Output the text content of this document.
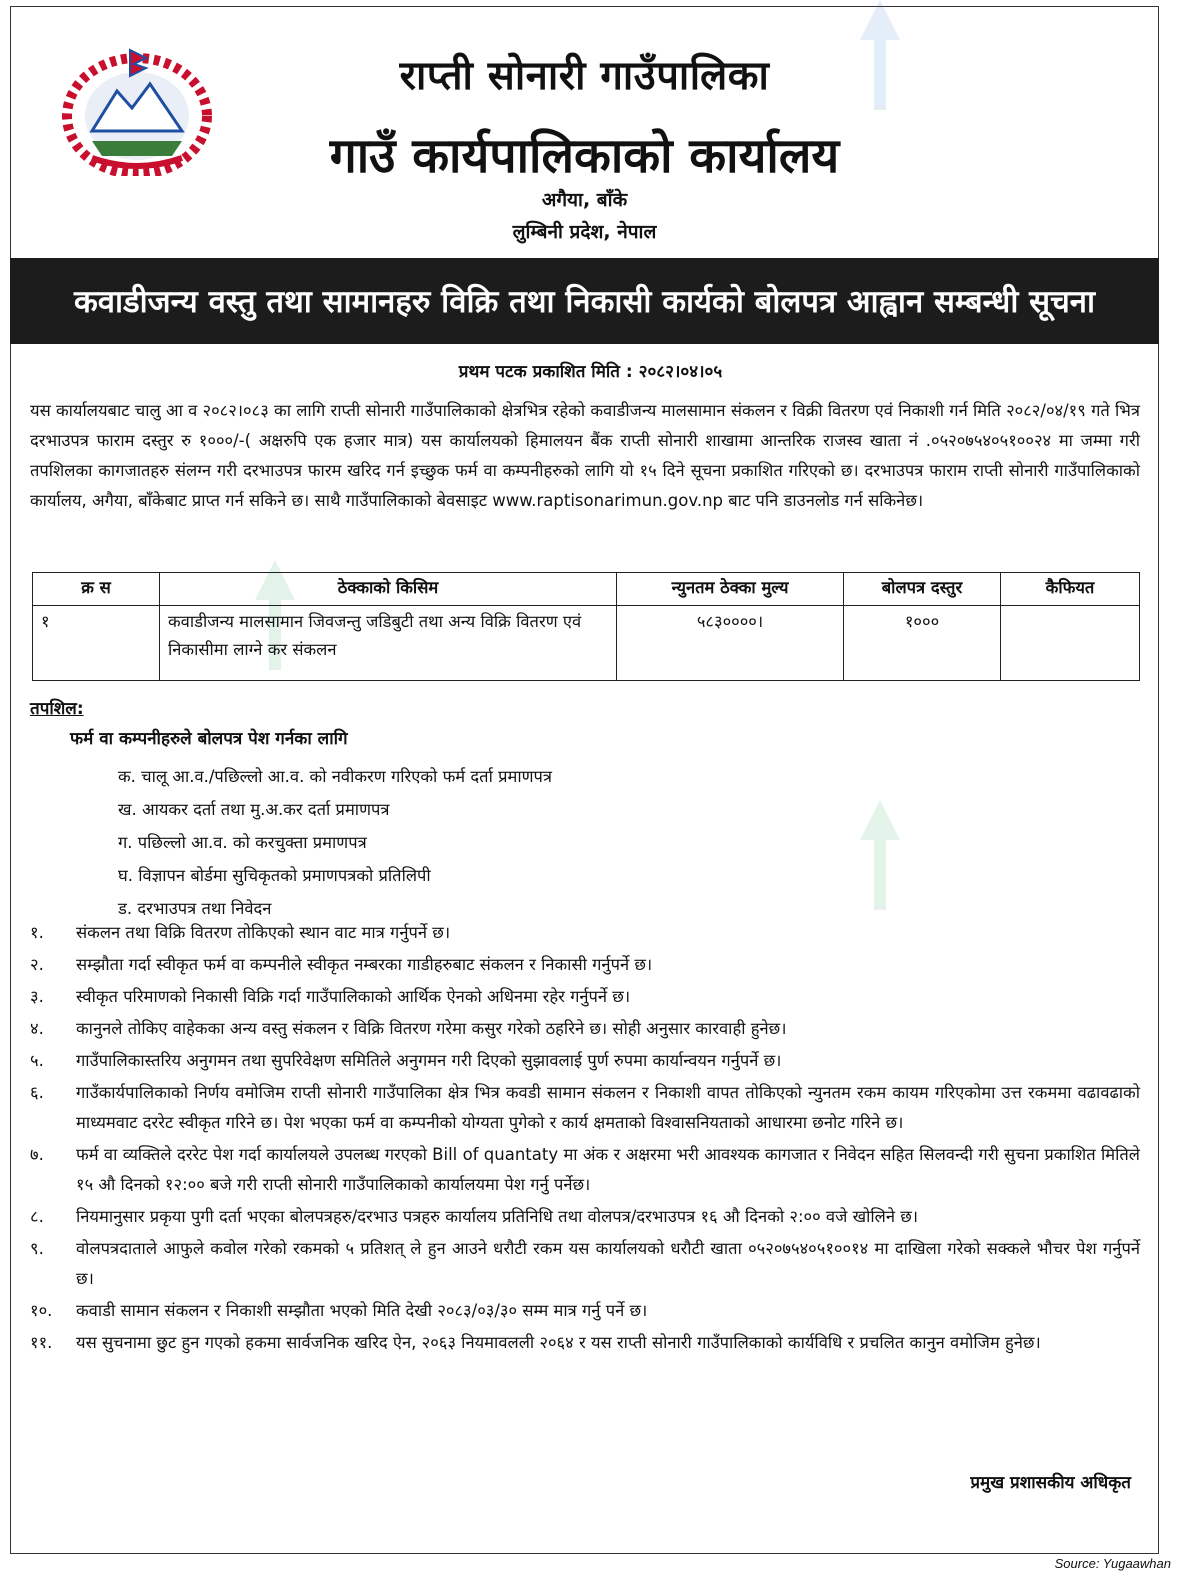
राप्ती सोनारी गाउँपालिका
गाउँ कार्यपालिकाको कार्यालय
अगैया, बाँके
लुम्बिनी प्रदेश, नेपाल
कवाडीजन्य वस्तु तथा सामानहरु विक्रि तथा निकासी कार्यको बोलपत्र आह्वान सम्बन्धी सूचना
प्रथम पटक प्रकाशित मिति : २०८२।०४।०५
यस कार्यालयबाट चालु आ व २०८२।०८३ का लागि राप्ती सोनारी गाउँपालिकाको क्षेत्रभित्र रहेको कवाडीजन्य मालसामान संकलन र विक्री वितरण एवं निकाशी गर्न मिति २०८२/०४/१९ गते भित्र दरभाउपत्र फाराम दस्तुर रु १०००/-( अक्षरुपि एक हजार मात्र) यस कार्यालयको हिमालयन बैंक राप्ती सोनारी शाखामा आन्तरिक राजस्व खाता नं .०५२०७५४०५१००२४ मा जम्मा गरी तपशिलका कागजातहरु संलग्न गरी दरभाउपत्र फारम खरिद गर्न इच्छुक फर्म वा कम्पनीहरुको लागि यो १५ दिने सूचना प्रकाशित गरिएको छ। दरभाउपत्र फाराम राप्ती सोनारी गाउँपालिकाको कार्यालय, अगैया, बाँकेबाट प्राप्त गर्न सकिने छ। साथै गाउँपालिकाको बेवसाइट www.raptisonarimun.gov.np बाट पनि डाउनलोड गर्न सकिनेछ।
क्र स	ठेक्काको किसिम	न्युनतम ठेक्का मुल्य	बोलपत्र दस्तुर	कैफियत
१	कवाडीजन्य मालसामान जिवजन्तु जडिबुटी तथा अन्य विक्रि वितरण एवं निकासीमा लाग्ने कर संकलन	५८३००००।	१०००	
तपशिल:
फर्म वा कम्पनीहरुले बोलपत्र पेश गर्नका लागि
क. चालू आ.व./पछिल्लो आ.व. को नवीकरण गरिएको फर्म दर्ता प्रमाणपत्र
ख. आयकर दर्ता तथा मु.अ.कर दर्ता प्रमाणपत्र
ग. पछिल्लो आ.व. को करचुक्ता प्रमाणपत्र
घ. विज्ञापन बोर्डमा सुचिकृतको प्रमाणपत्रको प्रतिलिपी
ड. दरभाउपत्र तथा निवेदन
१.	संकलन तथा विक्रि वितरण तोकिएको स्थान वाट मात्र गर्नुपर्ने छ।
२.	सम्झौता गर्दा स्वीकृत फर्म वा कम्पनीले स्वीकृत नम्बरका गाडीहरुबाट संकलन र निकासी गर्नुपर्ने छ।
३.	स्वीकृत परिमाणको निकासी विक्रि गर्दा गाउँपालिकाको आर्थिक ऐनको अधिनमा रहेर गर्नुपर्ने छ।
४.	कानुनले तोकिए वाहेकका अन्य वस्तु संकलन र विक्रि वितरण गरेमा कसुर गरेको ठहरिने छ। सोही अनुसार कारवाही हुनेछ।
५.	गाउँपालिकास्तरिय अनुगमन तथा सुपरिवेक्षण समितिले अनुगमन गरी दिएको सुझावलाई पुर्ण रुपमा कार्यान्वयन गर्नुपर्ने छ।
६.	गाउँकार्यपालिकाको निर्णय वमोजिम राप्ती सोनारी गाउँपालिका क्षेत्र भित्र कवडी सामान संकलन र निकाशी वापत तोकिएको न्युनतम रकम कायम गरिएकोमा उत्त रकममा वढावढाको माध्यमवाट दररेट स्वीकृत गरिने छ। पेश भएका फर्म वा कम्पनीको योग्यता पुगेको र कार्य क्षमताको विश्वासनियताको आधारमा छनोट गरिने छ।
७.	फर्म वा व्यक्तिले दररेट पेश गर्दा कार्यालयले उपलब्ध गरएको Bill of quantaty मा अंक र अक्षरमा भरी आवश्यक कागजात र निवेदन सहित सिलवन्दी गरी सुचना प्रकाशित मितिले १५ औ दिनको १२:०० बजे गरी राप्ती सोनारी गाउँपालिकाको कार्यालयमा पेश गर्नु पर्नेछ।
८.	नियमानुसार प्रकृया पुगी दर्ता भएका बोलपत्रहरु/दरभाउ पत्रहरु कार्यालय प्रतिनिधि तथा वोलपत्र/दरभाउपत्र १६ औ दिनको २:०० वजे खोलिने छ।
९.	वोलपत्रदाताले आफुले कवोल गरेको रकमको ५ प्रतिशत् ले हुन आउने धरौटी रकम यस कार्यालयको धरौटी खाता ०५२०७५४०५१००१४ मा दाखिला गरेको सक्कले भौचर पेश गर्नुपर्ने छ।
१०.	कवाडी सामान संकलन र निकाशी सम्झौता भएको मिति देखी २०८३/०३/३० सम्म मात्र गर्नु पर्ने छ।
११.	यस सुचनामा छुट हुन गएको हकमा सार्वजनिक खरिद ऐन, २०६३ नियमावलली २०६४ र यस राप्ती सोनारी गाउँपालिकाको कार्यविधि र प्रचलित कानुन वमोजिम हुनेछ।
प्रमुख प्रशासकीय अधिकृत
Source: Yugaawhan
